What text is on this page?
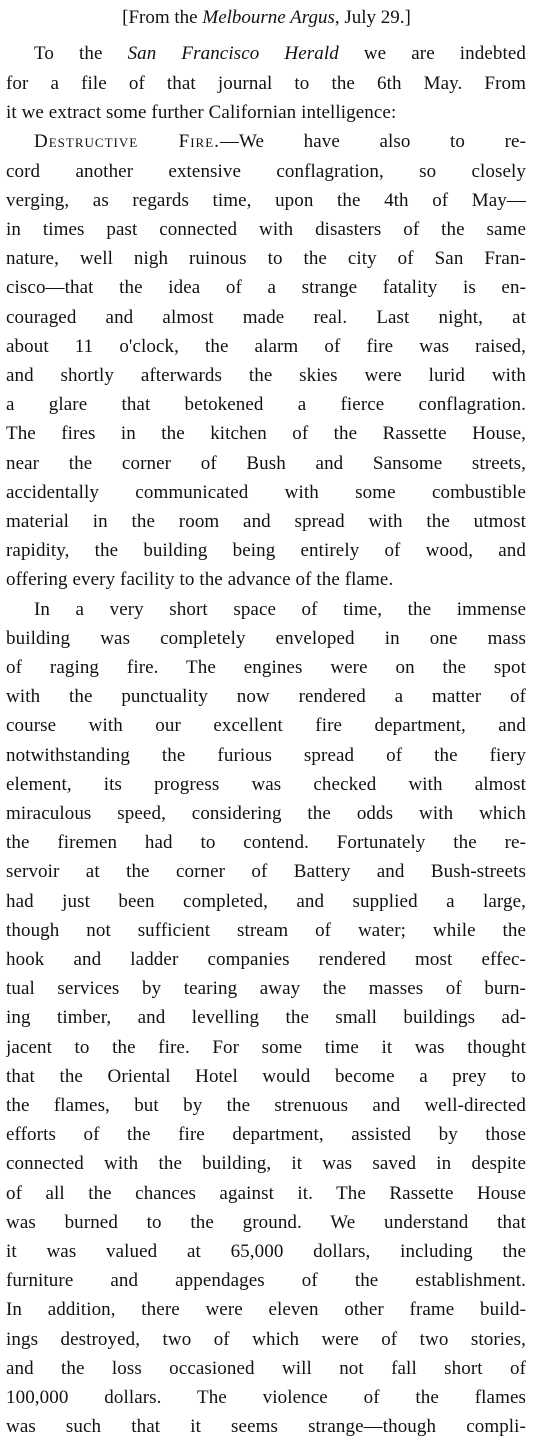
[From the Melbourne Argus, July 29.]
To the San Francisco Herald we are indebted
for a file of that journal to the 6th May. From
it we extract some further Californian intelligence:
Destructive Fire.—We have also to re-
cord another extensive conflagration, so closely
verging, as regards time, upon the 4th of May—
in times past connected with disasters of the same
nature, well nigh ruinous to the city of San Fran-
cisco—that the idea of a strange fatality is en-
couraged and almost made real. Last night, at
about 11 o'clock, the alarm of fire was raised,
and shortly afterwards the skies were lurid with
a glare that betokened a fierce conflagration.
The fires in the kitchen of the Rassette House,
near the corner of Bush and Sansome streets,
accidentally communicated with some combustible
material in the room and spread with the utmost
rapidity, the building being entirely of wood, and
offering every facility to the advance of the flame.
In a very short space of time, the immense
building was completely enveloped in one mass
of raging fire. The engines were on the spot
with the punctuality now rendered a matter of
course with our excellent fire department, and
notwithstanding the furious spread of the fiery
element, its progress was checked with almost
miraculous speed, considering the odds with which
the firemen had to contend. Fortunately the re-
servoir at the corner of Battery and Bush-streets
had just been completed, and supplied a large,
though not sufficient stream of water; while the
hook and ladder companies rendered most effec-
tual services by tearing away the masses of burn-
ing timber, and levelling the small buildings ad-
jacent to the fire. For some time it was thought
that the Oriental Hotel would become a prey to
the flames, but by the strenuous and well-directed
efforts of the fire department, assisted by those
connected with the building, it was saved in despite
of all the chances against it. The Rassette House
was burned to the ground. We understand that
it was valued at 65,000 dollars, including the
furniture and appendages of the establishment.
In addition, there were eleven other frame build-
ings destroyed, two of which were of two stories,
and the loss occasioned will not fall short of
100,000 dollars. The violence of the flames
was such that it seems strange—though compli-
